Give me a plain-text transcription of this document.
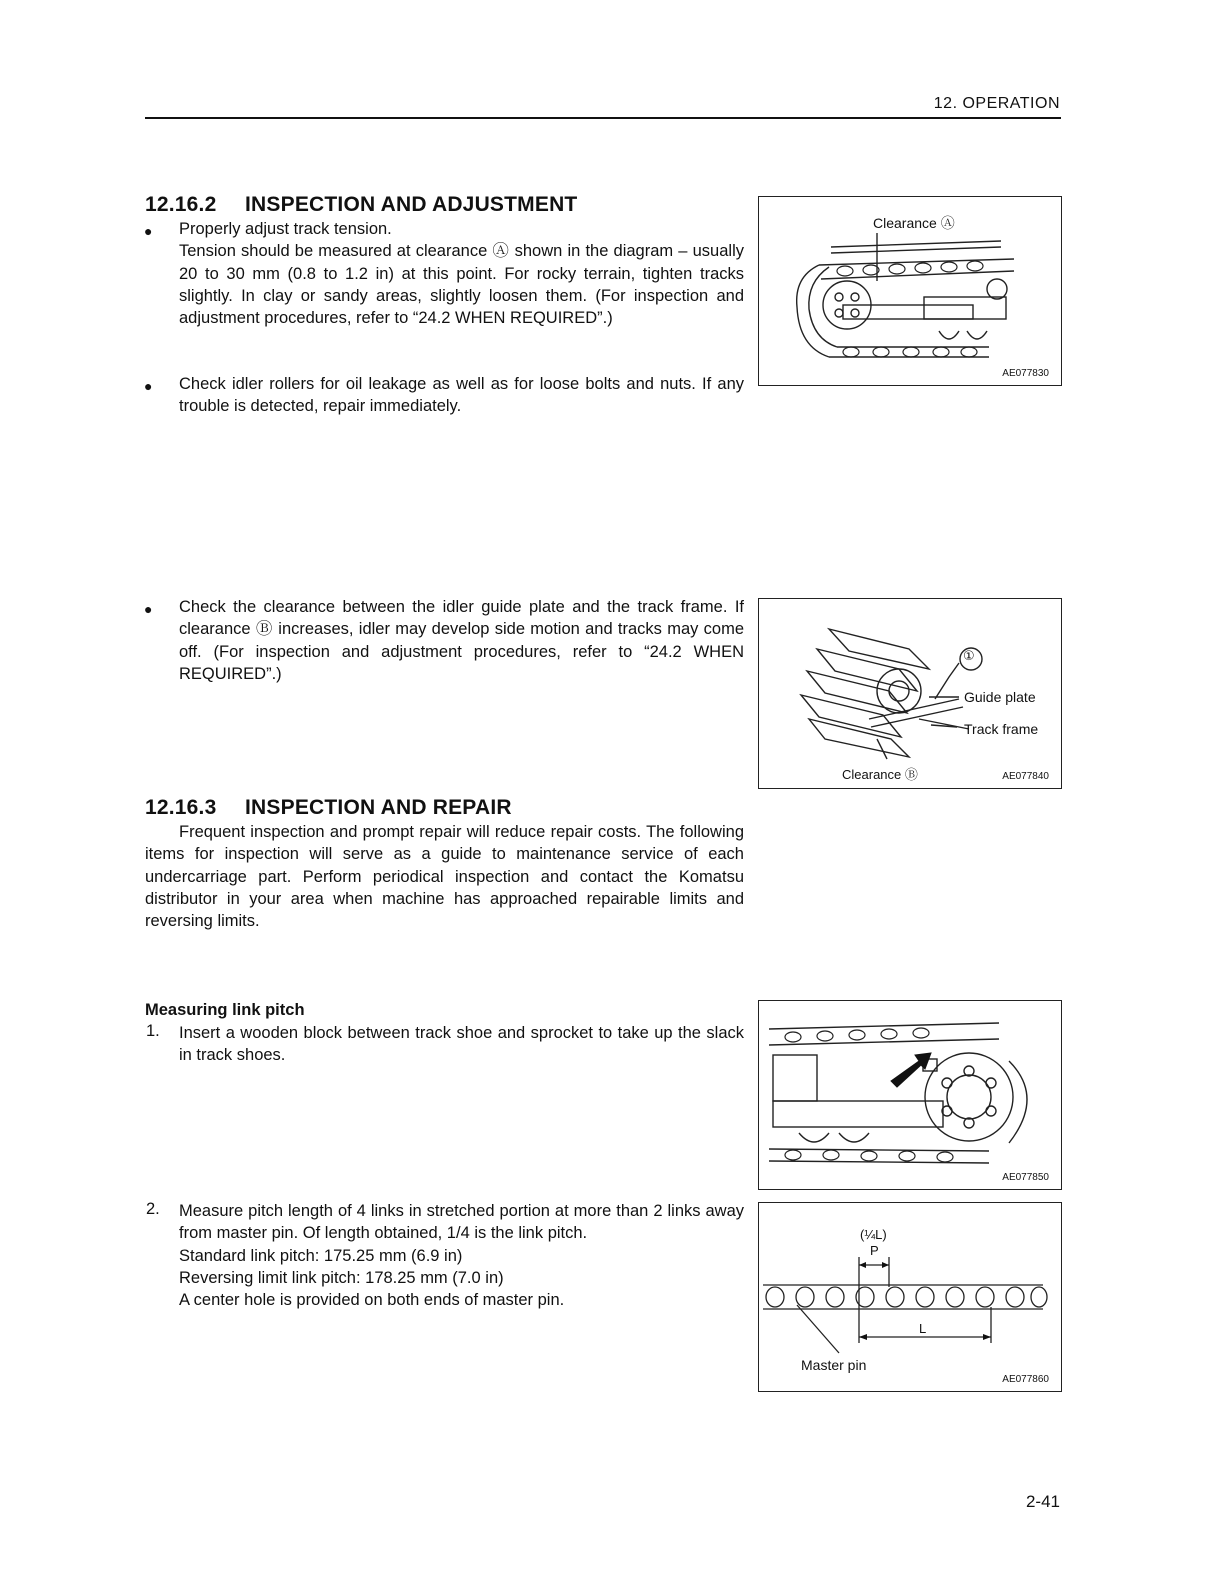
12. OPERATION
12.16.2 INSPECTION AND ADJUSTMENT
●	Properly adjust track tension.

Tension should be measured at clearance Ⓐ shown in the diagram – usually 20 to 30 mm (0.8 to 1.2 in) at this point. For rocky terrain, tighten tracks slightly. In clay or sandy areas, slightly loosen them. (For inspection and adjustment procedures, refer to “24.2 WHEN REQUIRED”.)
●	Check idler rollers for oil leakage as well as for loose bolts and nuts. If any trouble is detected, repair immediately.
●	Check the clearance between the idler guide plate and the track frame. If clearance Ⓑ increases, idler may develop side motion and tracks may come off. (For inspection and adjustment procedures, refer to “24.2 WHEN REQUIRED”.)
Clearance Ⓐ
AE077830
①
Guide plate
Track frame
Clearance Ⓑ	AE077840
12.16.3 INSPECTION AND REPAIR
Frequent inspection and prompt repair will reduce repair costs. The following items for inspection will serve as a guide to maintenance service of each undercarriage part. Perform periodical inspection and contact the Komatsu distributor in your area when machine has approached repairable limits and reversing limits.
Measuring link pitch
1. Insert a wooden block between track shoe and sprocket to take up the slack in track shoes.
2. Measure pitch length of 4 links in stretched portion at more than 2 links away from master pin. Of length obtained, 1/4 is the link pitch.

Standard link pitch: 175.25 mm (6.9 in)

Reversing limit link pitch: 178.25 mm (7.0 in)

A center hole is provided on both ends of master pin.

AE077850
(¼L)
P
L
Master pin
AE077860
2-41
